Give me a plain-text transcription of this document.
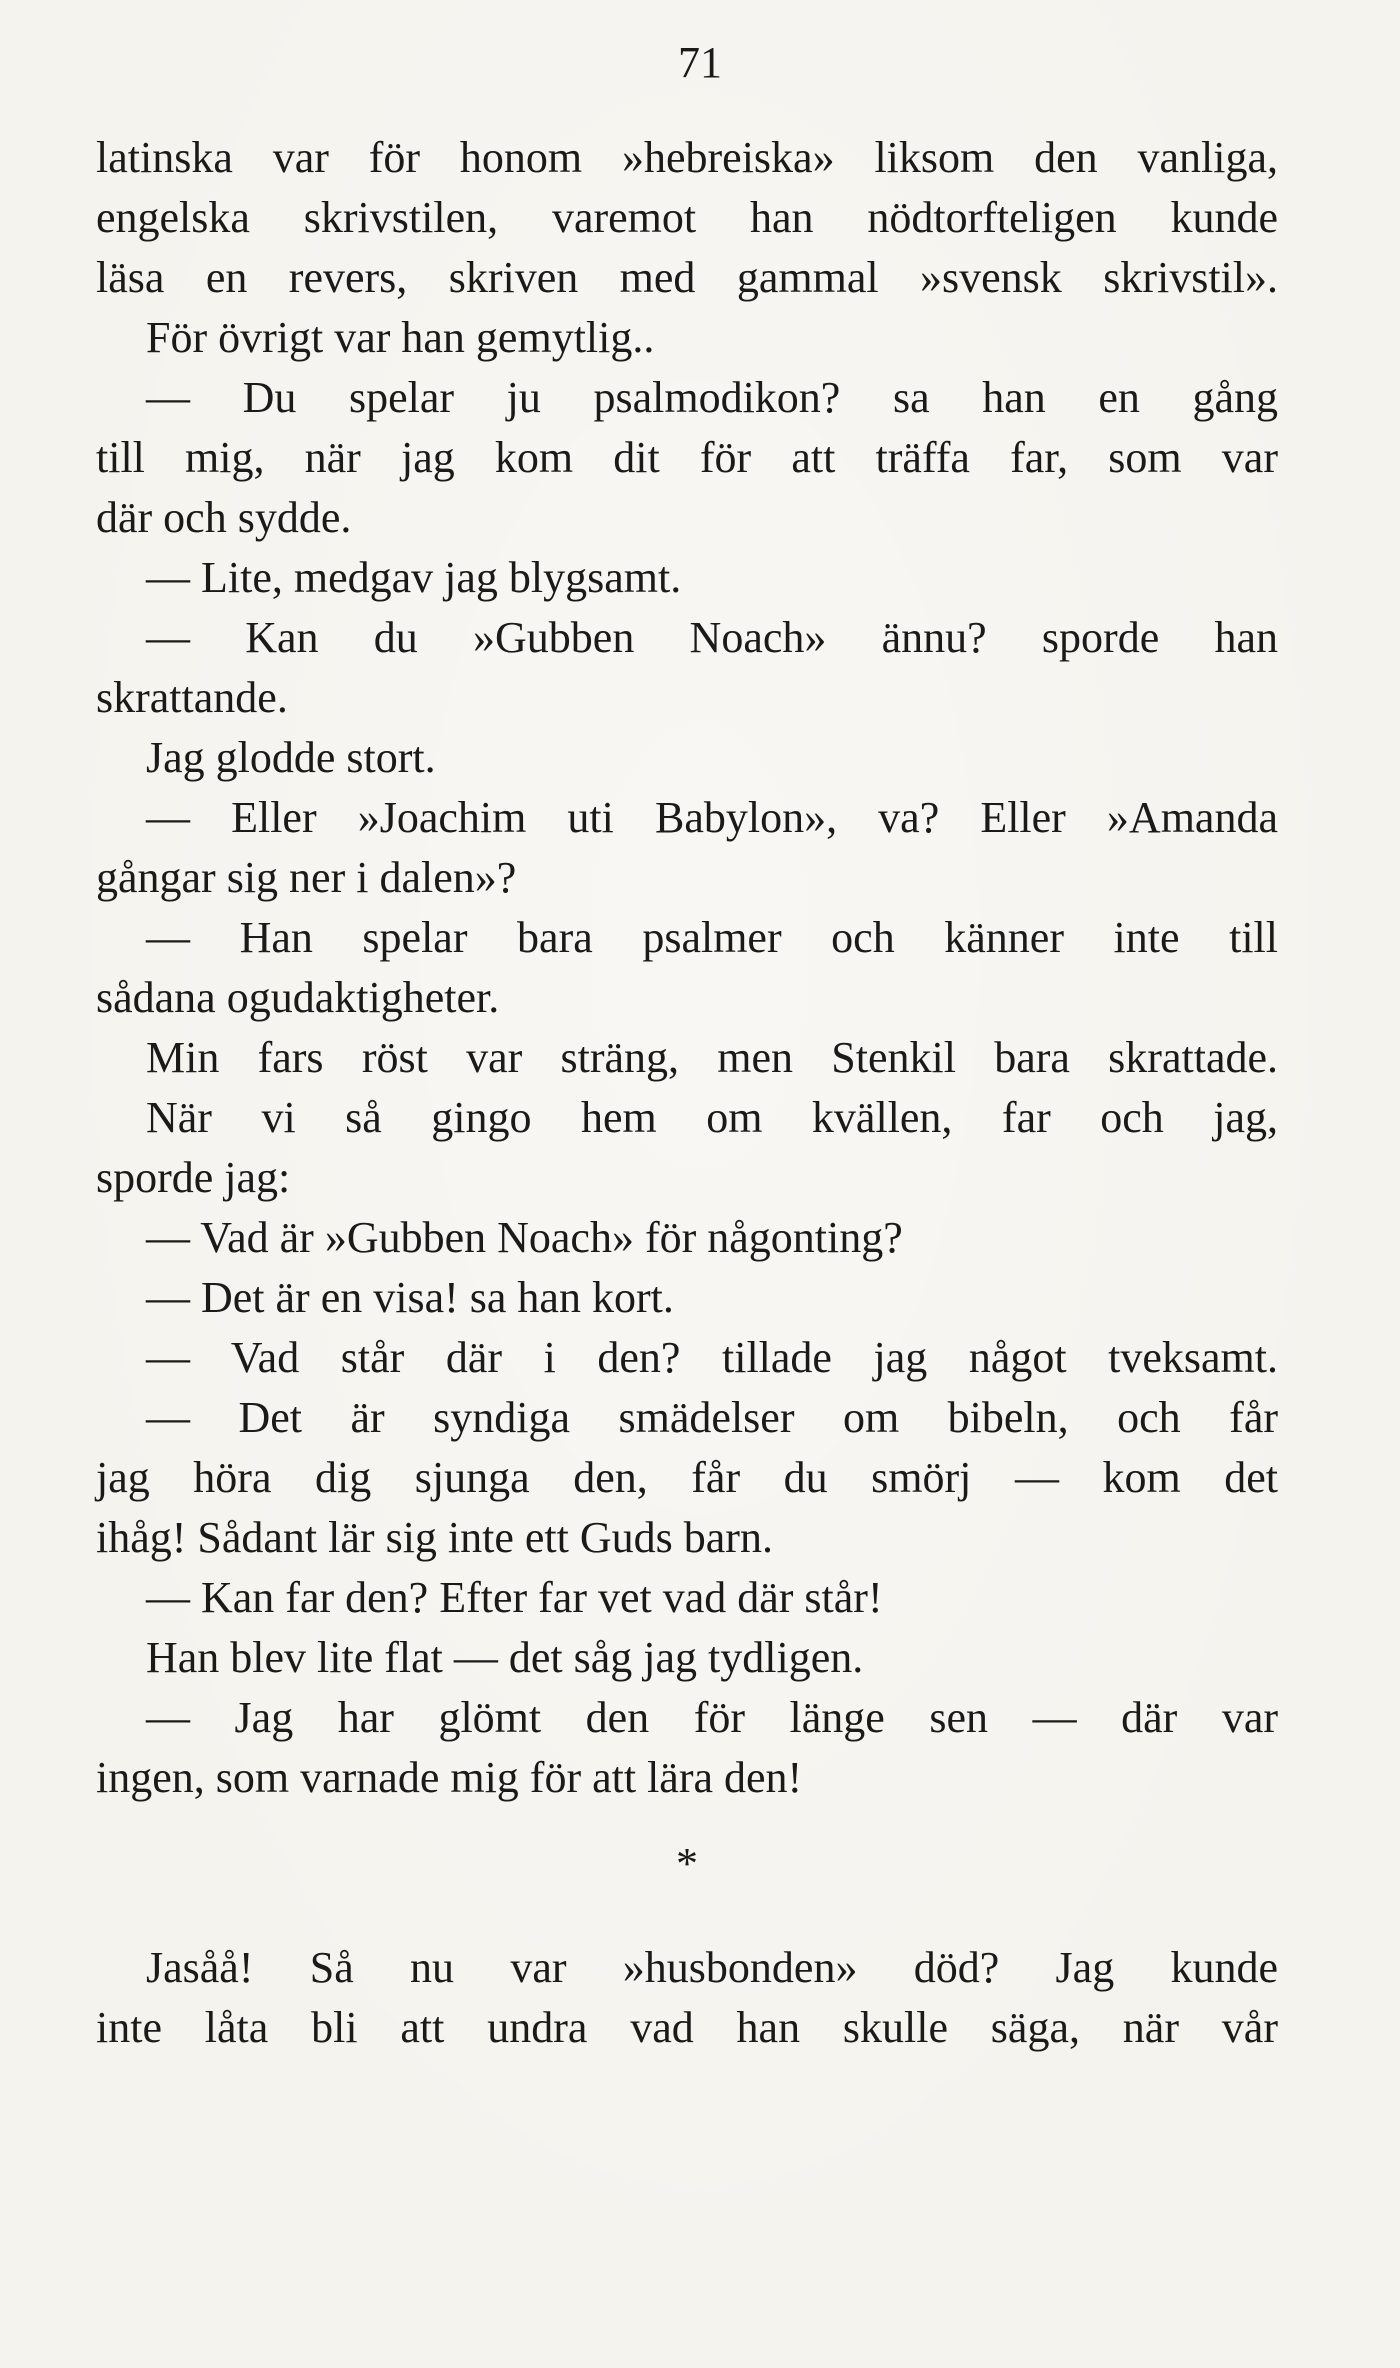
71
latinska var för honom »hebreiska» liksom den vanliga,
engelska skrivstilen, varemot han nödtorfteligen kunde
läsa en revers, skriven med gammal »svensk skrivstil».
För övrigt var han gemytlig..
— Du spelar ju psalmodikon? sa han en gång
till mig, när jag kom dit för att träffa far, som var
där och sydde.
— Lite, medgav jag blygsamt.
— Kan du »Gubben Noach» ännu? sporde han
skrattande.
Jag glodde stort.
— Eller »Joachim uti Babylon», va? Eller »Amanda
gångar sig ner i dalen»?
— Han spelar bara psalmer och känner inte till
sådana ogudaktigheter.
Min fars röst var sträng, men Stenkil bara skrattade.
När vi så gingo hem om kvällen, far och jag,
sporde jag:
— Vad är »Gubben Noach» för någonting?
— Det är en visa! sa han kort.
— Vad står där i den? tillade jag något tveksamt.
— Det är syndiga smädelser om bibeln, och får
jag höra dig sjunga den, får du smörj — kom det
ihåg! Sådant lär sig inte ett Guds barn.
— Kan far den? Efter far vet vad där står!
Han blev lite flat — det såg jag tydligen.
— Jag har glömt den för länge sen — där var
ingen, som varnade mig för att lära den!
*
Jasåå! Så nu var »husbonden» död? Jag kunde
inte låta bli att undra vad han skulle säga, när vår
